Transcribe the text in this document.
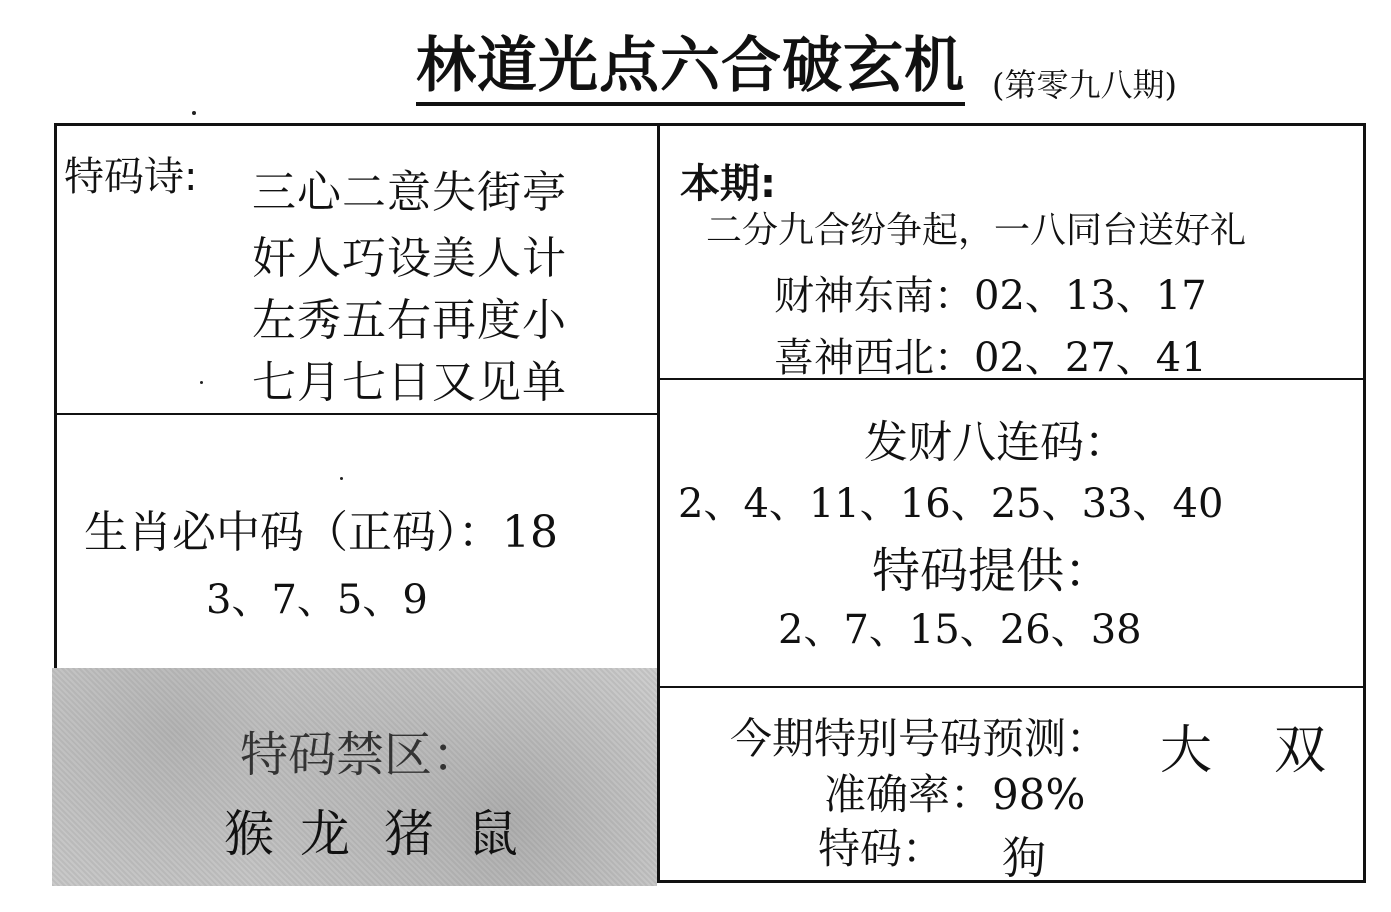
林道光点六合破玄机 (第零九八期)
特码诗: 三心二意失街亭
奸人巧设美人计
左秀五右再度小
七月七日又见单
本期:
二分九合纷争起，一八同台送好礼
财神东南：02、13、17
喜神西北：02、27、41
生肖必中码（正码）：18
3、7、5、9
发财八连码：
2、4、11、16、25、33、40
特码提供：
2、7、15、26、38
特码禁区：
猴 龙 猪 鼠
今期特别号码预测： 大 双
准确率：98%
特码： 狗
